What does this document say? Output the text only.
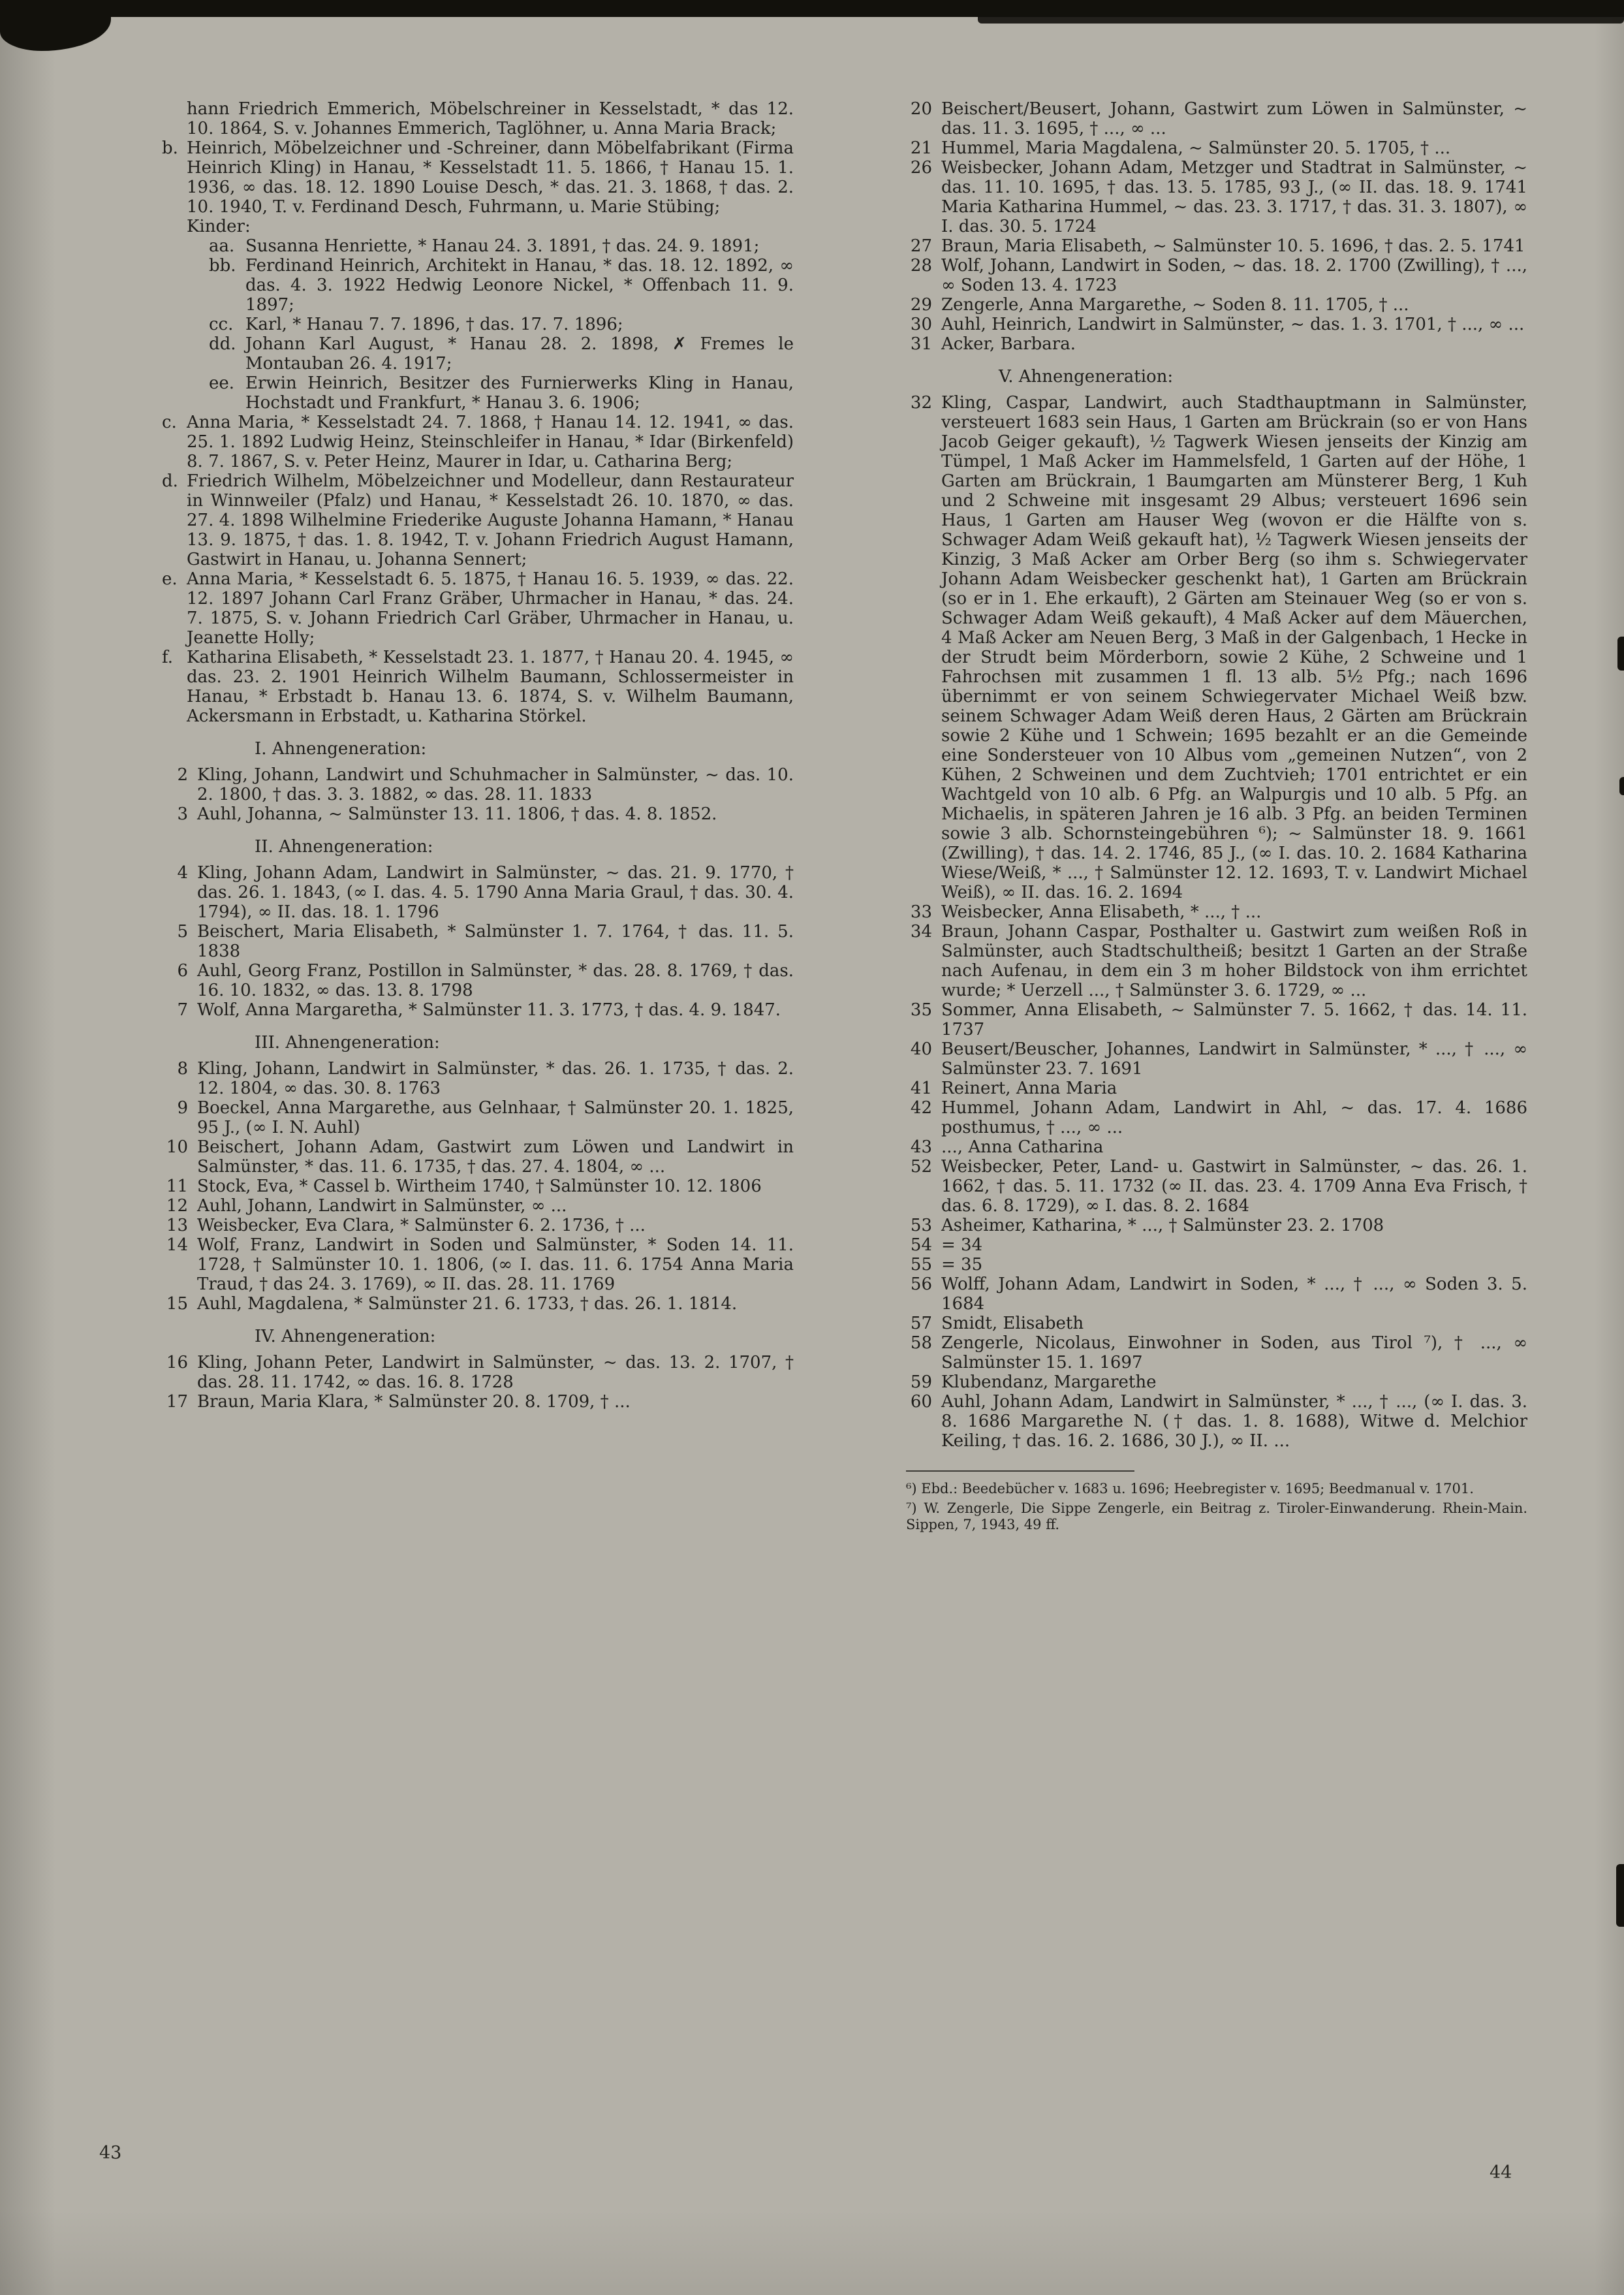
hann Friedrich Emmerich, Möbelschreiner in Kesselstadt, * das 12. 10. 1864, S. v. Johannes Emmerich, Taglöhner, u. Anna Maria Brack;
b. Heinrich, Möbelzeichner und -Schreiner, dann Möbelfabrikant (Firma Heinrich Kling) in Hanau, * Kesselstadt 11. 5. 1866, † Hanau 15. 1. 1936, ∞ das. 18. 12. 1890 Louise Desch, * das. 21. 3. 1868, † das. 2. 10. 1940, T. v. Ferdinand Desch, Fuhrmann, u. Marie Stübing;
Kinder:
aa. Susanna Henriette, * Hanau 24. 3. 1891, † das. 24. 9. 1891;
bb. Ferdinand Heinrich, Architekt in Hanau, * das. 18. 12. 1892, ∞ das. 4. 3. 1922 Hedwig Leonore Nickel, * Offenbach 11. 9. 1897;
cc. Karl, * Hanau 7. 7. 1896, † das. 17. 7. 1896;
dd. Johann Karl August, * Hanau 28. 2. 1898, ✗ Fremes le Montauban 26. 4. 1917;
ee. Erwin Heinrich, Besitzer des Furnierwerks Kling in Hanau, Hochstadt und Frankfurt, * Hanau 3. 6. 1906;
c. Anna Maria, * Kesselstadt 24. 7. 1868, † Hanau 14. 12. 1941, ∞ das. 25. 1. 1892 Ludwig Heinz, Steinschleifer in Hanau, * Idar (Birkenfeld) 8. 7. 1867, S. v. Peter Heinz, Maurer in Idar, u. Catharina Berg;
d. Friedrich Wilhelm, Möbelzeichner und Modelleur, dann Restaurateur in Winnweiler (Pfalz) und Hanau, * Kesselstadt 26. 10. 1870, ∞ das. 27. 4. 1898 Wilhelmine Friederike Auguste Johanna Hamann, * Hanau 13. 9. 1875, † das. 1. 8. 1942, T. v. Johann Friedrich August Hamann, Gastwirt in Hanau, u. Johanna Sennert;
e. Anna Maria, * Kesselstadt 6. 5. 1875, † Hanau 16. 5. 1939, ∞ das. 22. 12. 1897 Johann Carl Franz Gräber, Uhrmacher in Hanau, * das. 24. 7. 1875, S. v. Johann Friedrich Carl Gräber, Uhrmacher in Hanau, u. Jeanette Holly;
f. Katharina Elisabeth, * Kesselstadt 23. 1. 1877, † Hanau 20. 4. 1945, ∞ das. 23. 2. 1901 Heinrich Wilhelm Baumann, Schlossermeister in Hanau, * Erbstadt b. Hanau 13. 6. 1874, S. v. Wilhelm Baumann, Ackersmann in Erbstadt, u. Katharina Störkel.
I. Ahnengeneration:
2 Kling, Johann, Landwirt und Schuhmacher in Salmünster, ~ das. 10. 2. 1800, † das. 3. 3. 1882, ∞ das. 28. 11. 1833
3 Auhl, Johanna, ~ Salmünster 13. 11. 1806, † das. 4. 8. 1852.
II. Ahnengeneration:
4 Kling, Johann Adam, Landwirt in Salmünster, ~ das. 21. 9. 1770, † das. 26. 1. 1843, (∞ I. das. 4. 5. 1790 Anna Maria Graul, † das. 30. 4. 1794), ∞ II. das. 18. 1. 1796
5 Beischert, Maria Elisabeth, * Salmünster 1. 7. 1764, † das. 11. 5. 1838
6 Auhl, Georg Franz, Postillon in Salmünster, * das. 28. 8. 1769, † das. 16. 10. 1832, ∞ das. 13. 8. 1798
7 Wolf, Anna Margaretha, * Salmünster 11. 3. 1773, † das. 4. 9. 1847.
III. Ahnengeneration:
8 Kling, Johann, Landwirt in Salmünster, * das. 26. 1. 1735, † das. 2. 12. 1804, ∞ das. 30. 8. 1763
9 Boeckel, Anna Margarethe, aus Gelnhaar, † Salmünster 20. 1. 1825, 95 J., (∞ I. N. Auhl)
10 Beischert, Johann Adam, Gastwirt zum Löwen und Landwirt in Salmünster, * das. 11. 6. 1735, † das. 27. 4. 1804, ∞ ...
11 Stock, Eva, * Cassel b. Wirtheim 1740, † Salmünster 10. 12. 1806
12 Auhl, Johann, Landwirt in Salmünster, ∞ ...
13 Weisbecker, Eva Clara, * Salmünster 6. 2. 1736, † ...
14 Wolf, Franz, Landwirt in Soden und Salmünster, * Soden 14. 11. 1728, † Salmünster 10. 1. 1806, (∞ I. das. 11. 6. 1754 Anna Maria Traud, † das 24. 3. 1769), ∞ II. das. 28. 11. 1769
15 Auhl, Magdalena, * Salmünster 21. 6. 1733, † das. 26. 1. 1814.
IV. Ahnengeneration:
16 Kling, Johann Peter, Landwirt in Salmünster, ~ das. 13. 2. 1707, † das. 28. 11. 1742, ∞ das. 16. 8. 1728
17 Braun, Maria Klara, * Salmünster 20. 8. 1709, † ...
20 Beischert/Beusert, Johann, Gastwirt zum Löwen in Salmünster, ~ das. 11. 3. 1695, † ..., ∞ ...
21 Hummel, Maria Magdalena, ~ Salmünster 20. 5. 1705, † ...
26 Weisbecker, Johann Adam, Metzger und Stadtrat in Salmünster, ~ das. 11. 10. 1695, † das. 13. 5. 1785, 93 J., (∞ II. das. 18. 9. 1741 Maria Katharina Hummel, ~ das. 23. 3. 1717, † das. 31. 3. 1807), ∞ I. das. 30. 5. 1724
27 Braun, Maria Elisabeth, ~ Salmünster 10. 5. 1696, † das. 2. 5. 1741
28 Wolf, Johann, Landwirt in Soden, ~ das. 18. 2. 1700 (Zwilling), † ..., ∞ Soden 13. 4. 1723
29 Zengerle, Anna Margarethe, ~ Soden 8. 11. 1705, † ...
30 Auhl, Heinrich, Landwirt in Salmünster, ~ das. 1. 3. 1701, † ..., ∞ ...
31 Acker, Barbara.
V. Ahnengeneration:
32 Kling, Caspar, Landwirt, auch Stadthauptmann in Salmünster, versteuert 1683 sein Haus, 1 Garten am Brückrain (so er von Hans Jacob Geiger gekauft), ½ Tagwerk Wiesen jenseits der Kinzig am Tümpel, 1 Maß Acker im Hammelsfeld, 1 Garten auf der Höhe, 1 Garten am Brückrain, 1 Baumgarten am Münsterer Berg, 1 Kuh und 2 Schweine mit insgesamt 29 Albus; versteuert 1696 sein Haus, 1 Garten am Hauser Weg (wovon er die Hälfte von s. Schwager Adam Weiß gekauft hat), ½ Tagwerk Wiesen jenseits der Kinzig, 3 Maß Acker am Orber Berg (so ihm s. Schwiegervater Johann Adam Weisbecker geschenkt hat), 1 Garten am Brückrain (so er in 1. Ehe erkauft), 2 Gärten am Steinauer Weg (so er von s. Schwager Adam Weiß gekauft), 4 Maß Acker auf dem Mäuerchen, 4 Maß Acker am Neuen Berg, 3 Maß in der Galgenbach, 1 Hecke in der Strudt beim Mörderborn, sowie 2 Kühe, 2 Schweine und 1 Fahrochsen mit zusammen 1 fl. 13 alb. 5½ Pfg.; nach 1696 übernimmt er von seinem Schwiegervater Michael Weiß bzw. seinem Schwager Adam Weiß deren Haus, 2 Gärten am Brückrain sowie 2 Kühe und 1 Schwein; 1695 bezahlt er an die Gemeinde eine Sondersteuer von 10 Albus vom „gemeinen Nutzen“, von 2 Kühen, 2 Schweinen und dem Zuchtvieh; 1701 entrichtet er ein Wachtgeld von 10 alb. 6 Pfg. an Walpurgis und 10 alb. 5 Pfg. an Michaelis, in späteren Jahren je 16 alb. 3 Pfg. an beiden Terminen sowie 3 alb. Schornsteingebühren ⁶); ~ Salmünster 18. 9. 1661 (Zwilling), † das. 14. 2. 1746, 85 J., (∞ I. das. 10. 2. 1684 Katharina Wiese/Weiß, * ..., † Salmünster 12. 12. 1693, T. v. Landwirt Michael Weiß), ∞ II. das. 16. 2. 1694
33 Weisbecker, Anna Elisabeth, * ..., † ...
34 Braun, Johann Caspar, Posthalter u. Gastwirt zum weißen Roß in Salmünster, auch Stadtschultheiß; besitzt 1 Garten an der Straße nach Aufenau, in dem ein 3 m hoher Bildstock von ihm errichtet wurde; * Uerzell ..., † Salmünster 3. 6. 1729, ∞ ...
35 Sommer, Anna Elisabeth, ~ Salmünster 7. 5. 1662, † das. 14. 11. 1737
40 Beusert/Beuscher, Johannes, Landwirt in Salmünster, * ..., † ..., ∞ Salmünster 23. 7. 1691
41 Reinert, Anna Maria
42 Hummel, Johann Adam, Landwirt in Ahl, ~ das. 17. 4. 1686 posthumus, † ..., ∞ ...
43 ..., Anna Catharina
52 Weisbecker, Peter, Land- u. Gastwirt in Salmünster, ~ das. 26. 1. 1662, † das. 5. 11. 1732 (∞ II. das. 23. 4. 1709 Anna Eva Frisch, † das. 6. 8. 1729), ∞ I. das. 8. 2. 1684
53 Asheimer, Katharina, * ..., † Salmünster 23. 2. 1708
54 = 34
55 = 35
56 Wolff, Johann Adam, Landwirt in Soden, * ..., † ..., ∞ Soden 3. 5. 1684
57 Smidt, Elisabeth
58 Zengerle, Nicolaus, Einwohner in Soden, aus Tirol ⁷), † ..., ∞ Salmünster 15. 1. 1697
59 Klubendanz, Margarethe
60 Auhl, Johann Adam, Landwirt in Salmünster, * ..., † ..., (∞ I. das. 3. 8. 1686 Margarethe N. († das. 1. 8. 1688), Witwe d. Melchior Keiling, † das. 16. 2. 1686, 30 J.), ∞ II. ...
⁶) Ebd.: Beedebücher v. 1683 u. 1696; Heebregister v. 1695; Beedmanual v. 1701.
⁷) W. Zengerle, Die Sippe Zengerle, ein Beitrag z. Tiroler-Einwanderung. Rhein-Main. Sippen, 7, 1943, 49 ff.
43
44
